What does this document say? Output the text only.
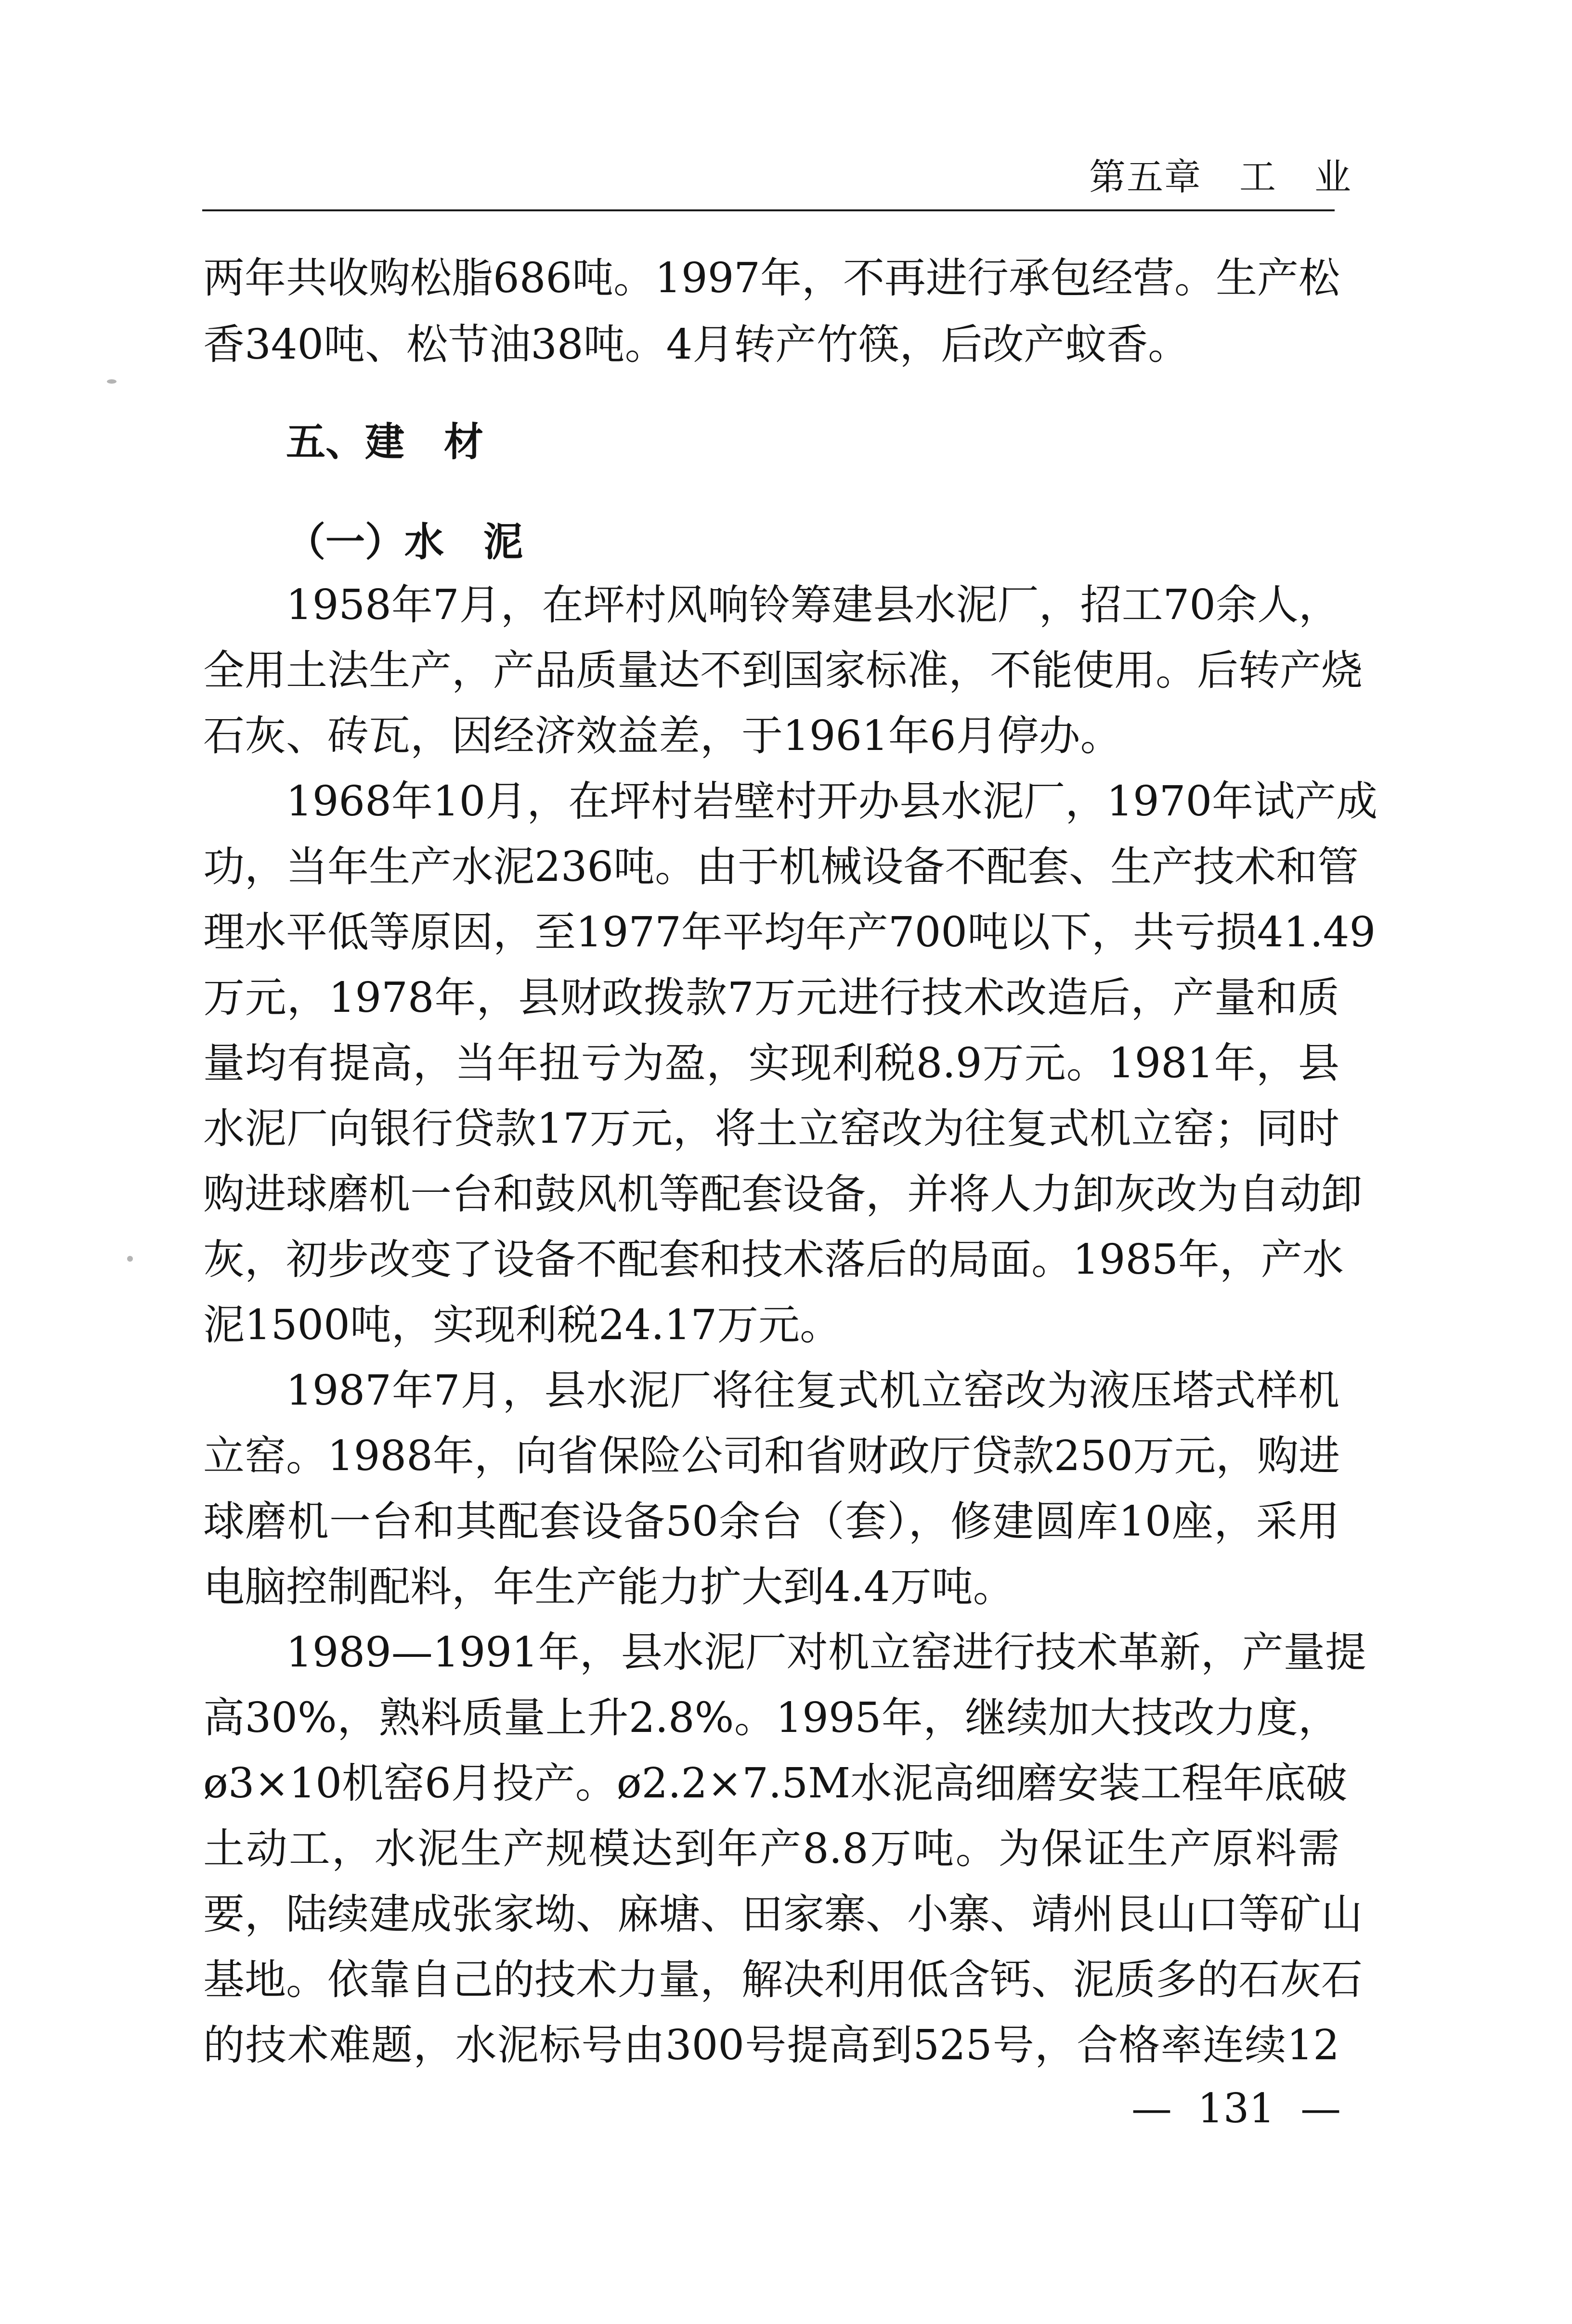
第五章　工　业
两年共收购松脂686吨。1997年，不再进行承包经营。生产松
香340吨、松节油38吨。4月转产竹筷，后改产蚊香。
五、建　材
（一）水　泥
1958年7月，在坪村风响铃筹建县水泥厂，招工70余人，
全用土法生产，产品质量达不到国家标准，不能使用。后转产烧
石灰、砖瓦，因经济效益差，于1961年6月停办。
1968年10月，在坪村岩壁村开办县水泥厂，1970年试产成
功，当年生产水泥236吨。由于机械设备不配套、生产技术和管
理水平低等原因，至1977年平均年产700吨以下，共亏损41.49
万元，1978年，县财政拨款7万元进行技术改造后，产量和质
量均有提高，当年扭亏为盈，实现利税8.9万元。1981年，县
水泥厂向银行贷款17万元，将土立窑改为往复式机立窑；同时
购进球磨机一台和鼓风机等配套设备，并将人力卸灰改为自动卸
灰，初步改变了设备不配套和技术落后的局面。1985年，产水
泥1500吨，实现利税24.17万元。
1987年7月，县水泥厂将往复式机立窑改为液压塔式样机
立窑。1988年，向省保险公司和省财政厅贷款250万元，购进
球磨机一台和其配套设备50余台（套），修建圆库10座，采用
电脑控制配料，年生产能力扩大到4.4万吨。
1989—1991年，县水泥厂对机立窑进行技术革新，产量提
高30%，熟料质量上升2.8%。1995年，继续加大技改力度，
ø3×10机窑6月投产。ø2.2×7.5M水泥高细磨安装工程年底破
土动工，水泥生产规模达到年产8.8万吨。为保证生产原料需
要，陆续建成张家坳、麻塘、田家寨、小寨、靖州艮山口等矿山
基地。依靠自己的技术力量，解决利用低含钙、泥质多的石灰石
的技术难题，水泥标号由300号提高到525号，合格率连续12
—  131  —
